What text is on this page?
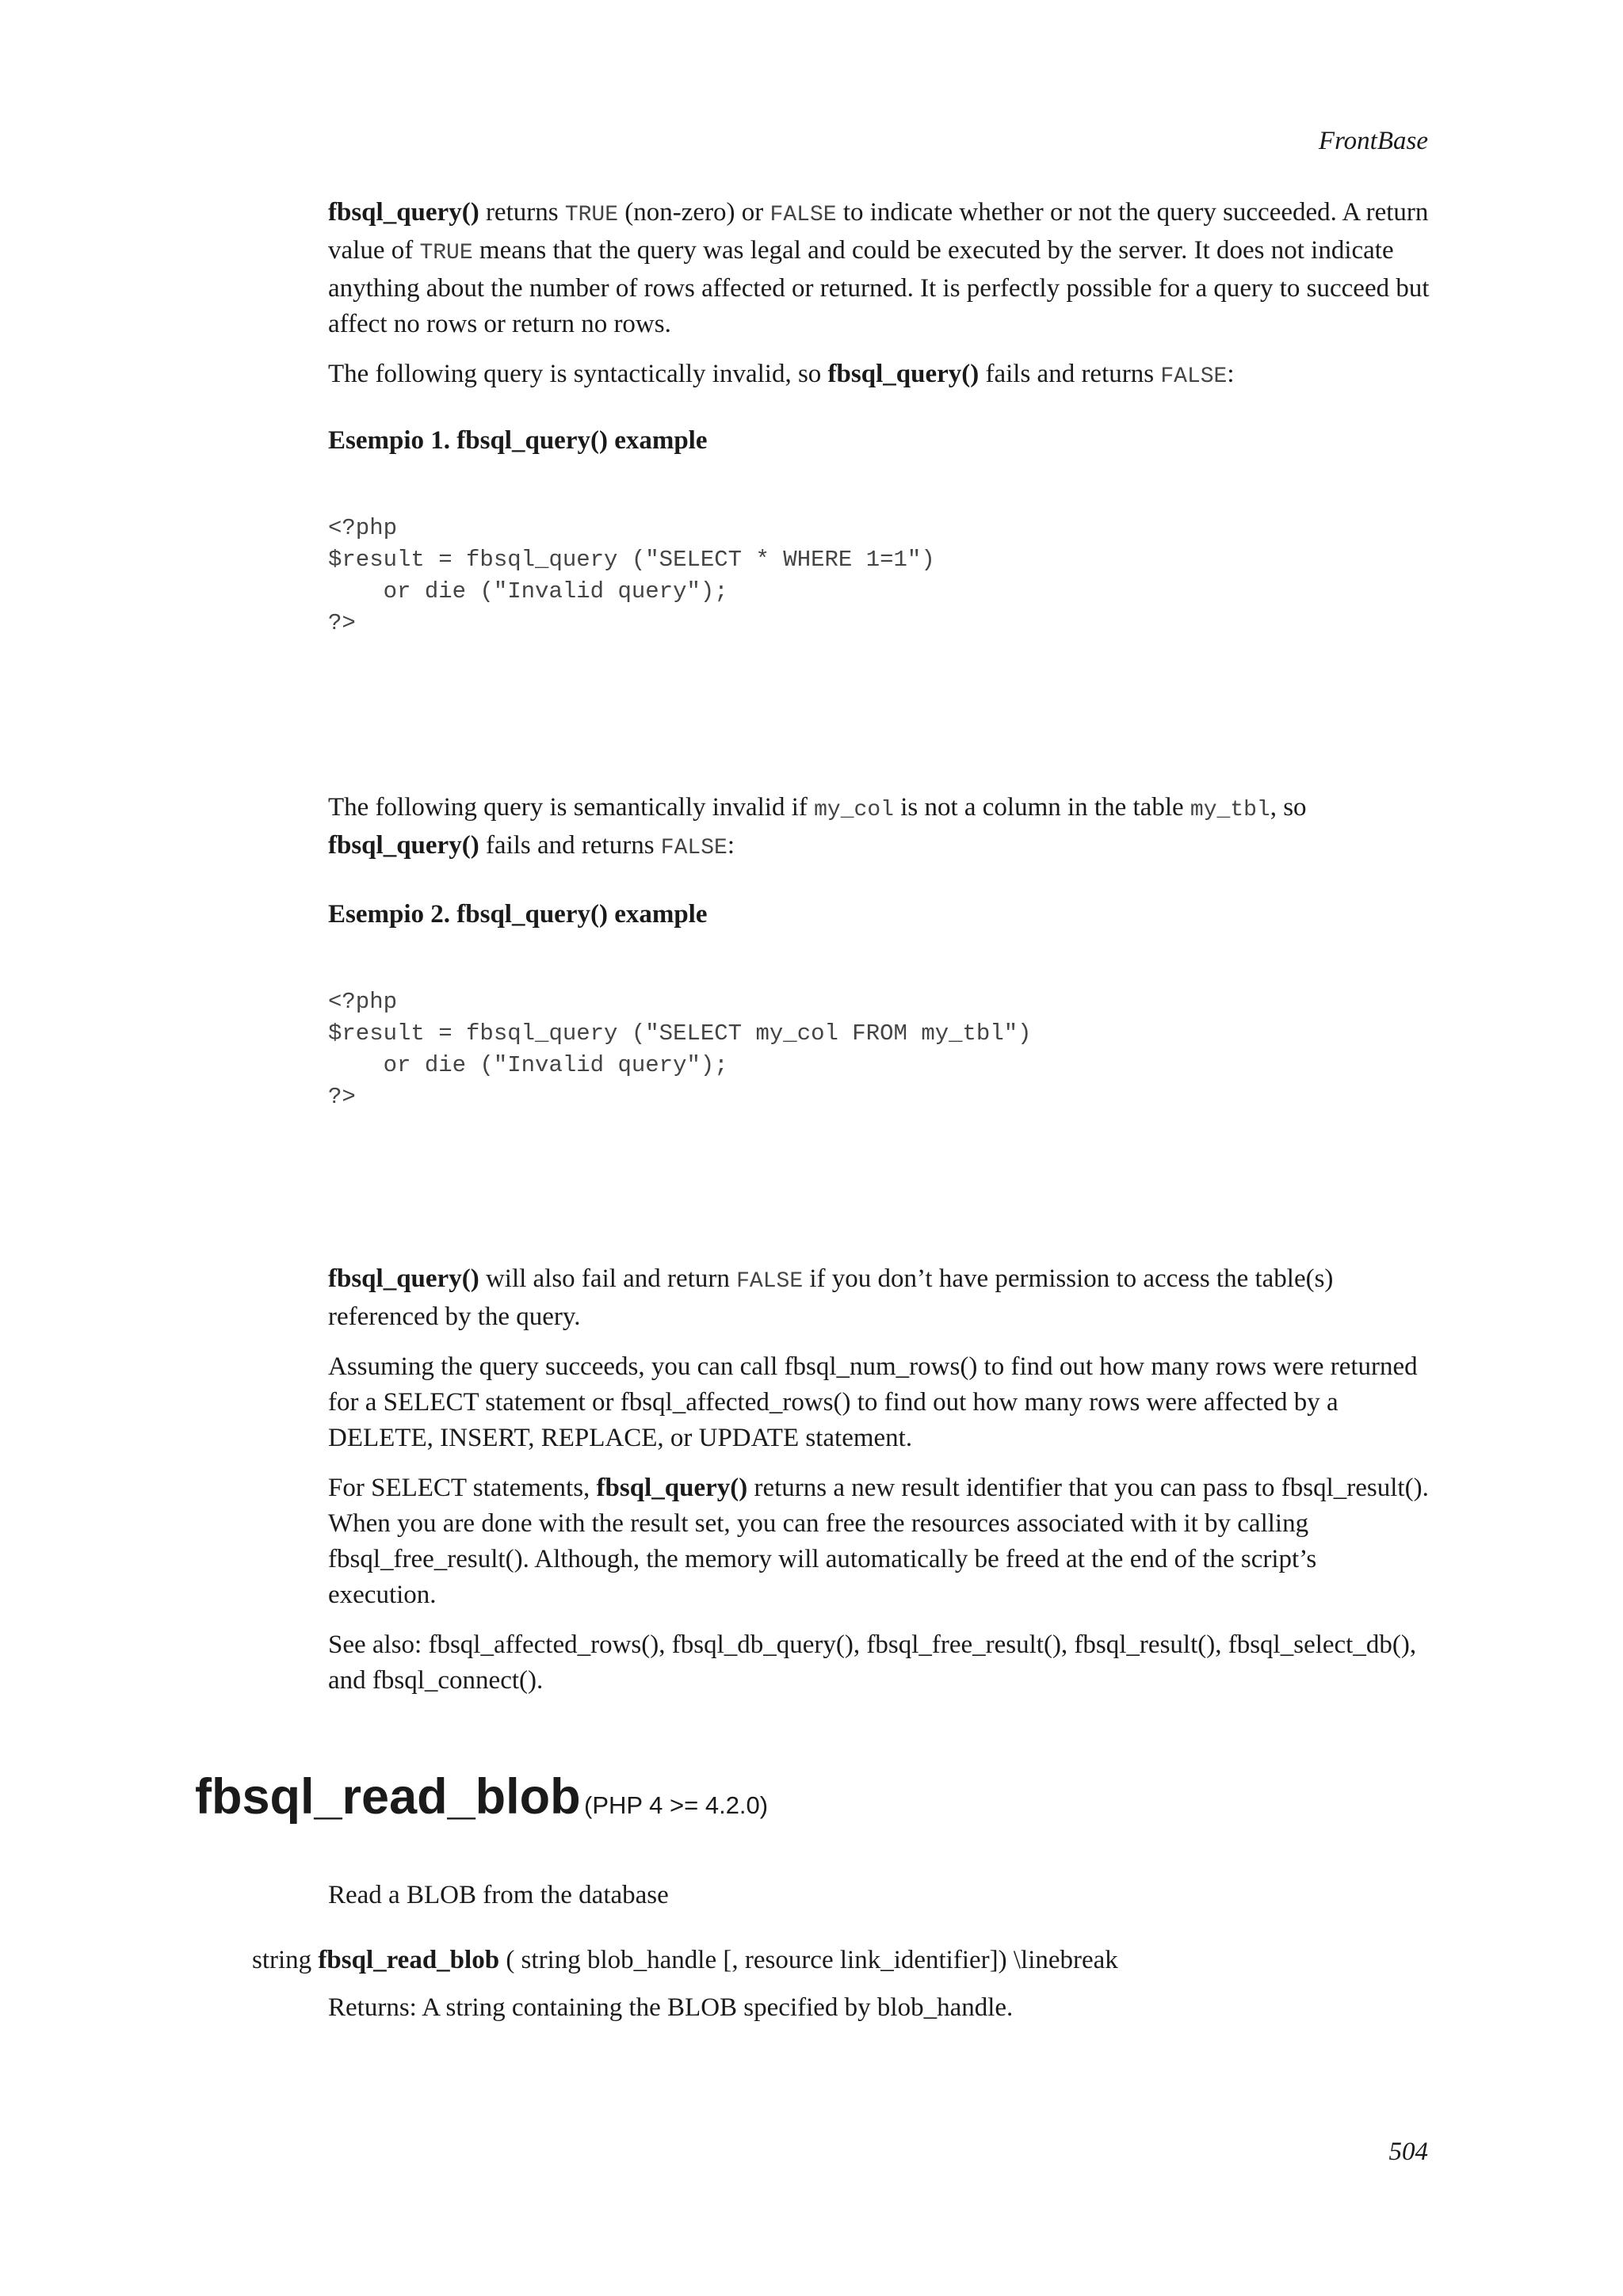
FrontBase

fbsql_query() returns TRUE (non-zero) or FALSE to indicate whether or not the query succeeded. A return value of TRUE means that the query was legal and could be executed by the server. It does not indicate anything about the number of rows affected or returned. It is perfectly possible for a query to succeed but affect no rows or return no rows.

The following query is syntactically invalid, so fbsql_query() fails and returns FALSE:

Esempio 1. fbsql_query() example
<?php
$result = fbsql_query ("SELECT * WHERE 1=1")
or die ("Invalid query");
?>

The following query is semantically invalid if my_col is not a column in the table my_tbl, so fbsql_query() fails and returns FALSE:

Esempio 2. fbsql_query() example
<?php
$result = fbsql_query ("SELECT my_col FROM my_tbl")
or die ("Invalid query");
?>

fbsql_query() will also fail and return FALSE if you don’t have permission to access the table(s) referenced by the query.

Assuming the query succeeds, you can call fbsql_num_rows() to find out how many rows were returned for a SELECT statement or fbsql_affected_rows() to find out how many rows were affected by a DELETE, INSERT, REPLACE, or UPDATE statement.

For SELECT statements, fbsql_query() returns a new result identifier that you can pass to fbsql_result(). When you are done with the result set, you can free the resources associated with it by calling fbsql_free_result(). Although, the memory will automatically be freed at the end of the script’s execution.

See also: fbsql_affected_rows(), fbsql_db_query(), fbsql_free_result(), fbsql_result(), fbsql_select_db(), and fbsql_connect().

fbsql_read_blob (PHP 4 >= 4.2.0)

Read a BLOB from the database

string fbsql_read_blob ( string blob_handle [, resource link_identifier]) \linebreak

Returns: A string containing the BLOB specified by blob_handle.

504
